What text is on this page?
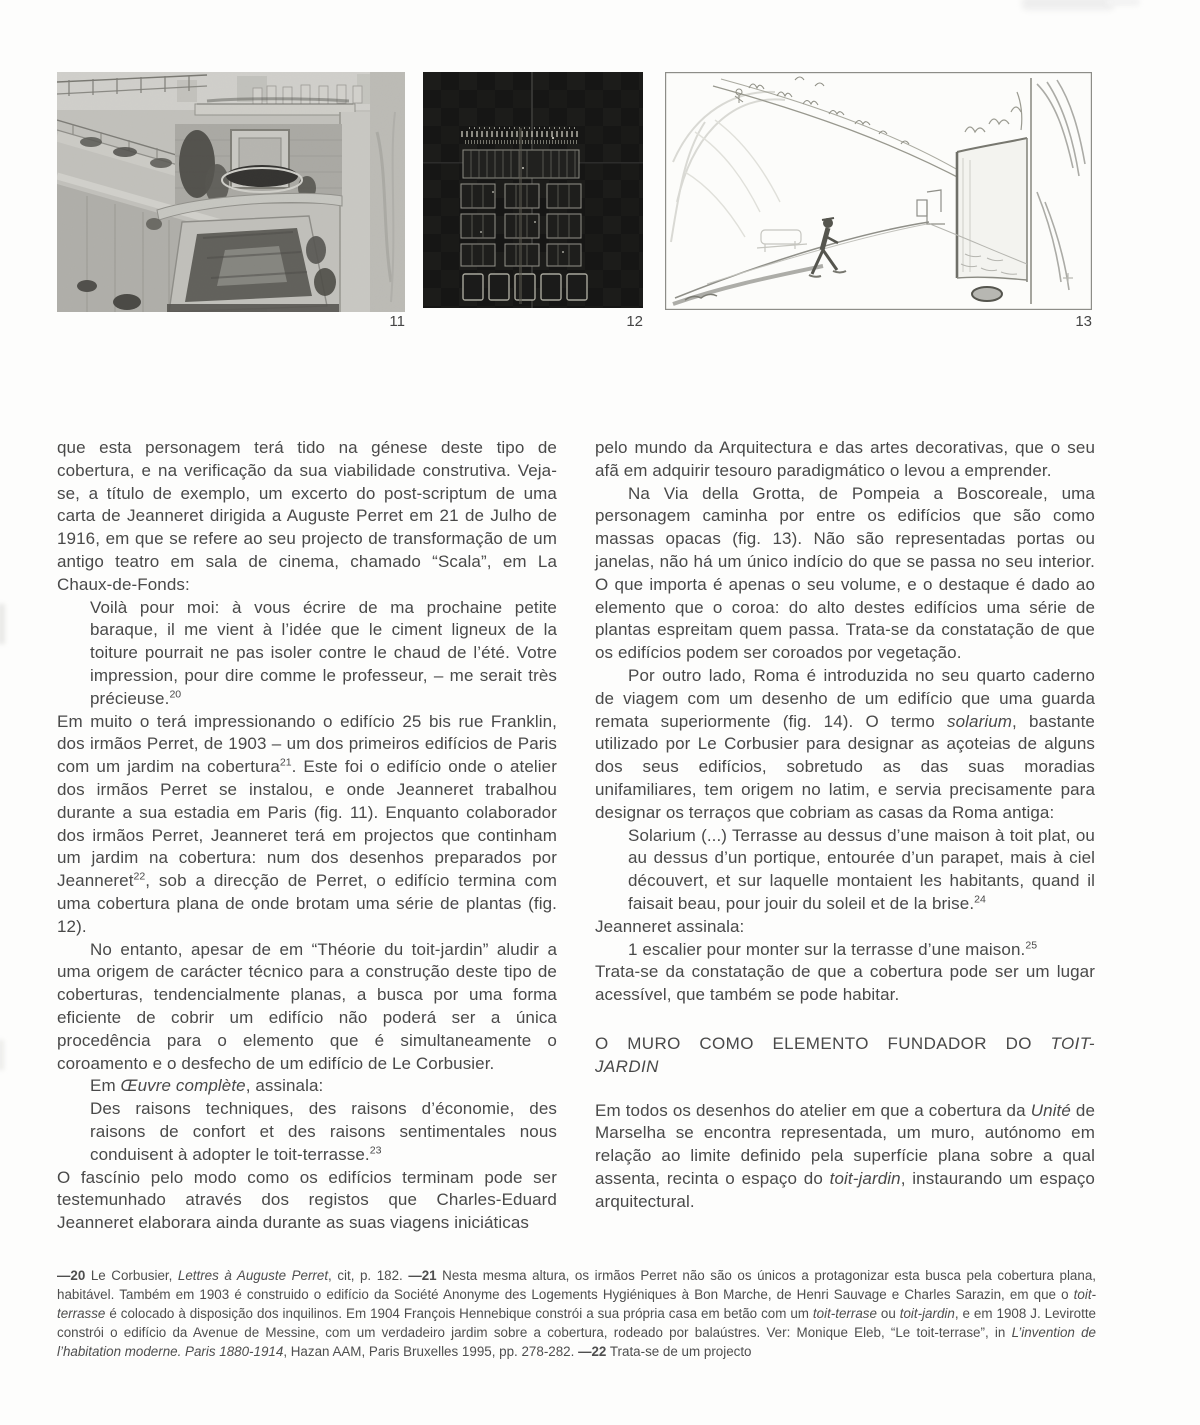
11	12	13

que esta personagem terá tido na génese deste tipo de cobertura, e na verificação da sua viabilidade construtiva. Veja-se, a título de exemplo, um excerto do post-scriptum de uma carta de Jeanneret dirigida a Auguste Perret em 21 de Julho de 1916, em que se refere ao seu projecto de transformação de um antigo teatro em sala de cinema, chamado “Scala”, em La Chaux-de-Fonds:

Voilà pour moi: à vous écrire de ma prochaine petite baraque, il me vient à l’idée que le ciment ligneux de la toiture pourrait ne pas isoler contre le chaud de l’été. Votre impression, pour dire comme le professeur, – me serait très précieuse.$^{20}$

Em muito o terá impressionando o edifício 25 bis rue Franklin, dos irmãos Perret, de 1903 – um dos primeiros edifícios de Paris com um jardim na cobertura$^{21}$. Este foi o edifício onde o atelier dos irmãos Perret se instalou, e onde Jeanneret trabalhou durante a sua estadia em Paris (fig. 11). Enquanto colaborador dos irmãos Perret, Jeanneret terá em projectos que continham um jardim na cobertura: num dos desenhos preparados por Jeanneret$^{22}$, sob a direcção de Perret, o edifício termina com uma cobertura plana de onde brotam uma série de plantas (fig. 12).

No entanto, apesar de em “Théorie du toit-jardin” aludir a uma origem de carácter técnico para a construção deste tipo de coberturas, tendencialmente planas, a busca por uma forma eficiente de cobrir um edifício não poderá ser a única procedência para o elemento que é simultaneamente o coroamento e o desfecho de um edifício de Le Corbusier.

Em Œuvre complète, assinala:

Des raisons techniques, des raisons d’économie, des raisons de confort et des raisons sentimentales nous conduisent à adopter le toit-terrasse.$^{23}$

O fascínio pelo modo como os edifícios terminam pode ser testemunhado através dos registos que Charles-Eduard Jeanneret elaborara ainda durante as suas viagens iniciáticas

pelo mundo da Arquitectura e das artes decorativas, que o seu afã em adquirir tesouro paradigmático o levou a emprender.

Na Via della Grotta, de Pompeia a Boscoreale, uma personagem caminha por entre os edifícios que são como massas opacas (fig. 13). Não são representadas portas ou janelas, não há um único indício do que se passa no seu interior. O que importa é apenas o seu volume, e o destaque é dado ao elemento que o coroa: do alto destes edifícios uma série de plantas espreitam quem passa. Trata-se da constatação de que os edifícios podem ser coroados por vegetação.

Por outro lado, Roma é introduzida no seu quarto caderno de viagem com um desenho de um edifício que uma guarda remata superiormente (fig. 14). O termo solarium, bastante utilizado por Le Corbusier para designar as açoteias de alguns dos seus edifícios, sobretudo as das suas moradias unifamiliares, tem origem no latim, e servia precisamente para designar os terraços que cobriam as casas da Roma antiga:

Solarium (...) Terrasse au dessus d’une maison à toit plat, ou au dessus d’un portique, entourée d’un parapet, mais à ciel découvert, et sur laquelle montaient les habitants, quand il faisait beau, pour jouir du soleil et de la brise.$^{24}$

Jeanneret assinala:

1 escalier pour monter sur la terrasse d’une maison.$^{25}$

Trata-se da constatação de que a cobertura pode ser um lugar acessível, que também se pode habitar.

O MURO COMO ELEMENTO FUNDADOR DO TOIT-

JARDIN

Em todos os desenhos do atelier em que a cobertura da Unité de Marselha se encontra representada, um muro, autónomo em relação ao limite definido pela superfície plana sobre a qual assenta, recinta o espaço do toit-jardin, instaurando um espaço arquitectural.

—20 Le Corbusier, Lettres à Auguste Perret, cit, p. 182. —21 Nesta mesma altura, os irmãos Perret não são os únicos a protagonizar esta busca pela cobertura plana, habitável. Também em 1903 é construido o edifício da Société Anonyme des Logements Hygiéniques à Bon Marche, de Henri Sauvage e Charles Sarazin, em que o toit-terrasse é colocado à disposição dos inquilinos. Em 1904 François Hennebique constrói a sua própria casa em betão com um toit-terrase ou toit-jardin, e em 1908 J. Levirotte constrói o edifício da Avenue de Messine, com um verdadeiro jardim sobre a cobertura, rodeado por balaústres. Ver: Monique Eleb, “Le toit-terrase”, in L’invention de l’habitation moderne. Paris 1880-1914, Hazan AAM, Paris Bruxelles 1995, pp. 278-282. —22 Trata-se de um projecto
